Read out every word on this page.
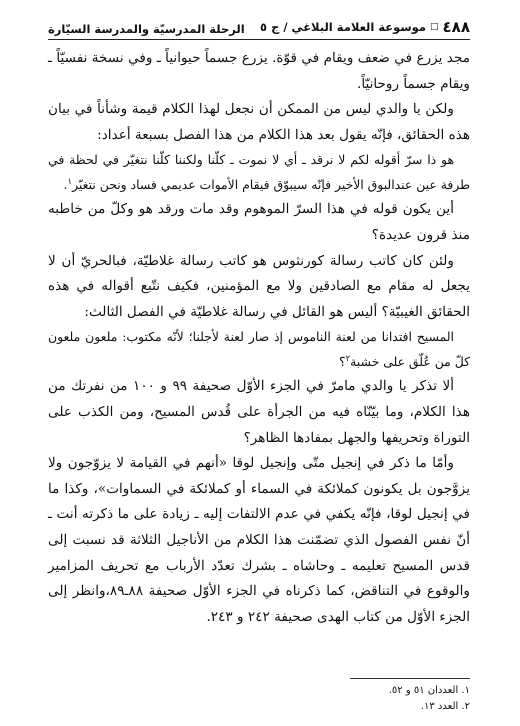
٤٨٨
□
موسوعة العلامة البلاغي / ج ٥
الرحلة المدرسيّة والمدرسة السيّارة

مجد يزرع في ضعف ويقام في قوّة. يزرع جسماً حيوانياً ـ وفي نسخة نفسيّاً ـ ويقام جسماً روحانيّاً.

ولكن يا والدي ليس من الممكن أن نجعل لهذا الكلام قيمة وشأناً في بيان هذه الحقائق، فإنّه يقول بعد هذا الكلام من هذا الفصل بسبعة أعداد:

هو ذا سرّ أقوله لكم لا نرقد ـ أي لا نموت ـ كلّنا ولكننا كلّنا نتغيّر في لحظة في طرفة عين عندالبوق الأخير فإنّه سيبوّق فيقام الأموات عديمي فساد ونحن نتغيّر$^١$.

أين يكون قوله في هذا السرّ الموهوم وقد مات ورقد هو وكلّ من خاطبه منذ قرون عديدة؟

ولئن كان كاتب رسالة كورنثوس هو كاتب رسالة غلاطيّة، فبالحريّ أن لا يجعل له مقام مع الصادقين ولا مع المؤمنين، فكيف نتّبع أقواله في هذه الحقائق الغيبيّة؟ أليس هو القائل في رسالة غلاطيّة في الفصل الثالث:

المسيح افتدانا من لعنة الناموس إذ صار لعنة لأجلنا؛ لأنّه مكتوب: ملعون ملعون كلّ من عُلّق على خشبة$^٢$؟

ألا تذكر يا والدي مامرّ في الجزء الأوّل صحيفة ٩٩ و ١٠٠ من نفرتك من هذا الكلام، وما بيّنّاه فيه من الجرأة على قُدس المسيح، ومن الكذب على التوراة وتحريفها والجهل بمفادها الظاهر؟

وأمّا ما ذكر في إنجيل متّى وإنجيل لوقا «أنهم في القيامة لا يزوّجون ولا يزوَّجون بل يكونون كملائكة في السماء أو كملائكة في السماوات»، وكذا ما في إنجيل لوقا، فإنّه يكفي في عدم الالتفات إليه ـ زيادة على ما ذكرته أنت ـ أنّ نفس الفصول الذي تضمّنت هذا الكلام من الأناجيل الثلاثة قد نسبت إلى قدس المسيح تعليمه ـ وحاشاه ـ بشرك تعدّد الأرباب مع تحريف المزامير والوقوع في التناقض، كما ذكرناه في الجزء الأوّل صحيفة ٨٨ـ٨٩،وانظر إلى الجزء الأوّل من كتاب الهدى صحيفة ٢٤٢ و ٢٤٣.

١. العددان ٥١ و ٥٢.
٢. العدد ١٣.
